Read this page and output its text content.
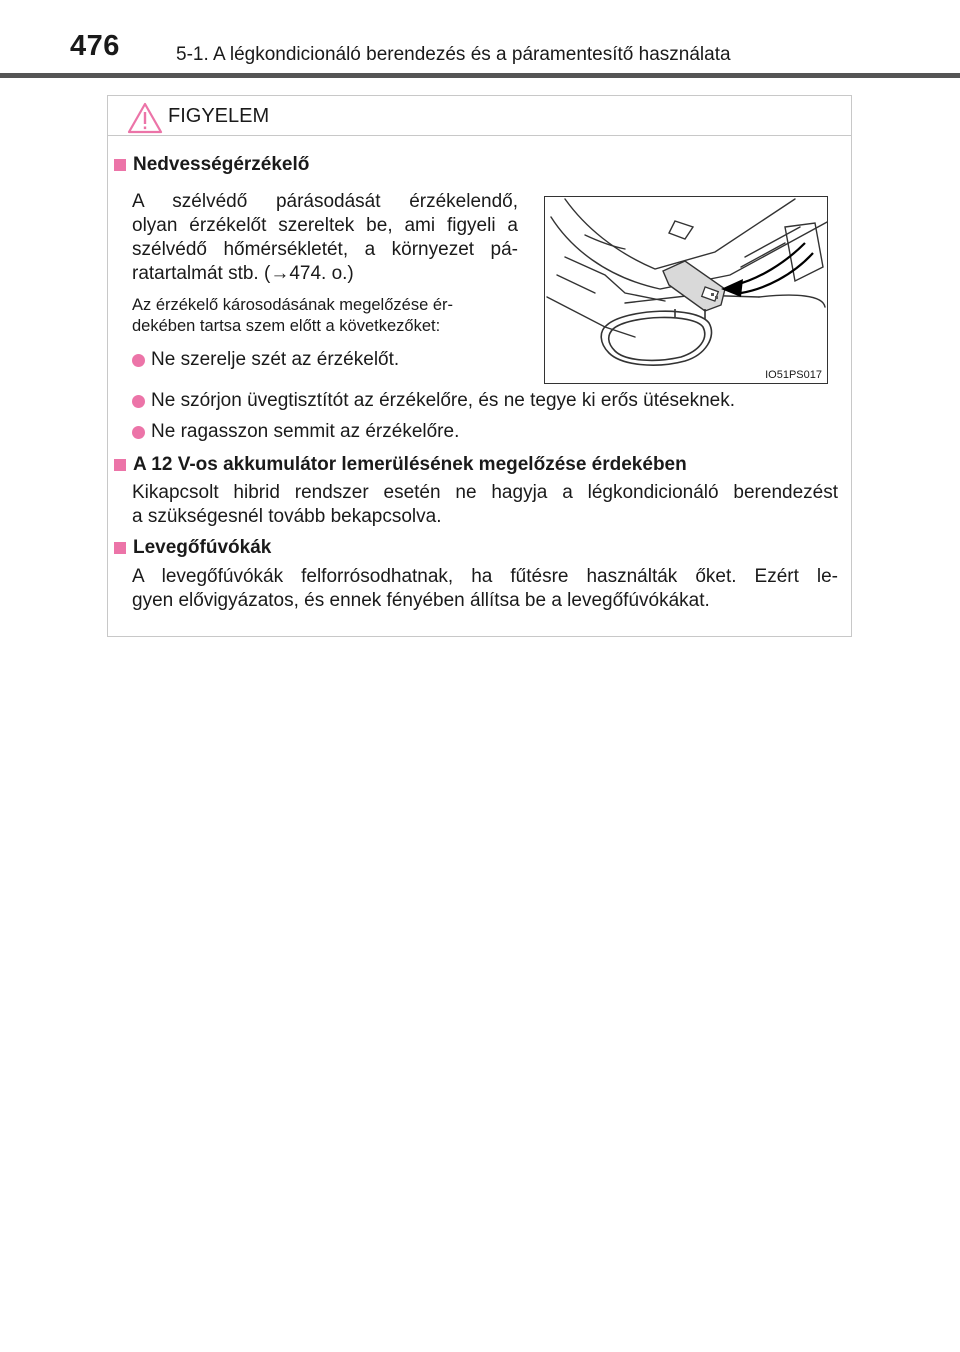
476	5-1. A légkondicionáló berendezés és a páramentesítő használata
FIGYELEM
Nedvességérzékelő
A szélvédő párásodását érzékelendő,
olyan érzékelőt szereltek be, ami figyeli a
szélvédő hőmérsékletét, a környezet pá-
ratartalmát stb. (→474. o.)
Az érzékelő károsodásának megelőzése ér-
dekében tartsa szem előtt a következőket:
Ne szerelje szét az érzékelőt.
Ne szórjon üvegtisztítót az érzékelőre, és ne tegye ki erős ütéseknek.
Ne ragasszon semmit az érzékelőre.
IO51PS017
A 12 V-os akkumulátor lemerülésének megelőzése érdekében
Kikapcsolt hibrid rendszer esetén ne hagyja a légkondicionáló berendezést
a szükségesnél tovább bekapcsolva.
Levegőfúvókák
A levegőfúvókák felforrósodhatnak, ha fűtésre használták őket. Ezért le-
gyen elővigyázatos, és ennek fényében állítsa be a levegőfúvókákat.
